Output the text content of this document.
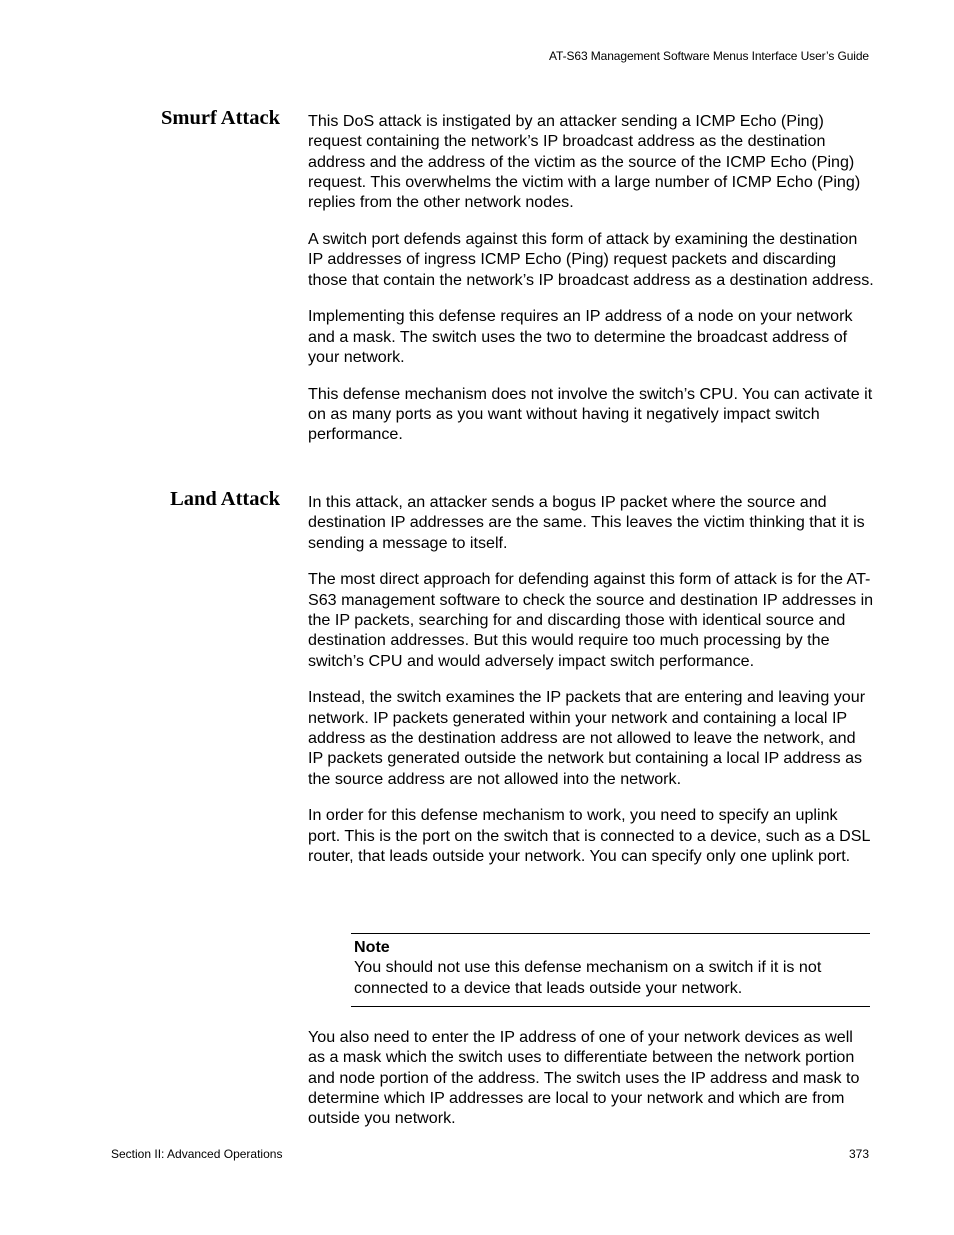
AT-S63 Management Software Menus Interface User’s Guide
Smurf Attack This DoS attack is instigated by an attacker sending a ICMP Echo (Ping) request containing the network’s IP broadcast address as the destination address and the address of the victim as the source of the ICMP Echo (Ping) request. This overwhelms the victim with a large number of ICMP Echo (Ping) replies from the other network nodes.

A switch port defends against this form of attack by examining the destination IP addresses of ingress ICMP Echo (Ping) request packets and discarding those that contain the network’s IP broadcast address as a destination address.

Implementing this defense requires an IP address of a node on your network and a mask. The switch uses the two to determine the broadcast address of your network.

This defense mechanism does not involve the switch’s CPU. You can activate it on as many ports as you want without having it negatively impact switch performance.

Land Attack In this attack, an attacker sends a bogus IP packet where the source and destination IP addresses are the same. This leaves the victim thinking that it is sending a message to itself.

The most direct approach for defending against this form of attack is for the AT-S63 management software to check the source and destination IP addresses in the IP packets, searching for and discarding those with identical source and destination addresses. But this would require too much processing by the switch’s CPU and would adversely impact switch performance.

Instead, the switch examines the IP packets that are entering and leaving your network. IP packets generated within your network and containing a local IP address as the destination address are not allowed to leave the network, and IP packets generated outside the network but containing a local IP address as the source address are not allowed into the network.

In order for this defense mechanism to work, you need to specify an uplink port. This is the port on the switch that is connected to a device, such as a DSL router, that leads outside your network. You can specify only one uplink port.

Note
You should not use this defense mechanism on a switch if it is not connected to a device that leads outside your network.

You also need to enter the IP address of one of your network devices as well as a mask which the switch uses to differentiate between the network portion and node portion of the address. The switch uses the IP address and mask to determine which IP addresses are local to your network and which are from outside you network.

Section II: Advanced Operations	373
